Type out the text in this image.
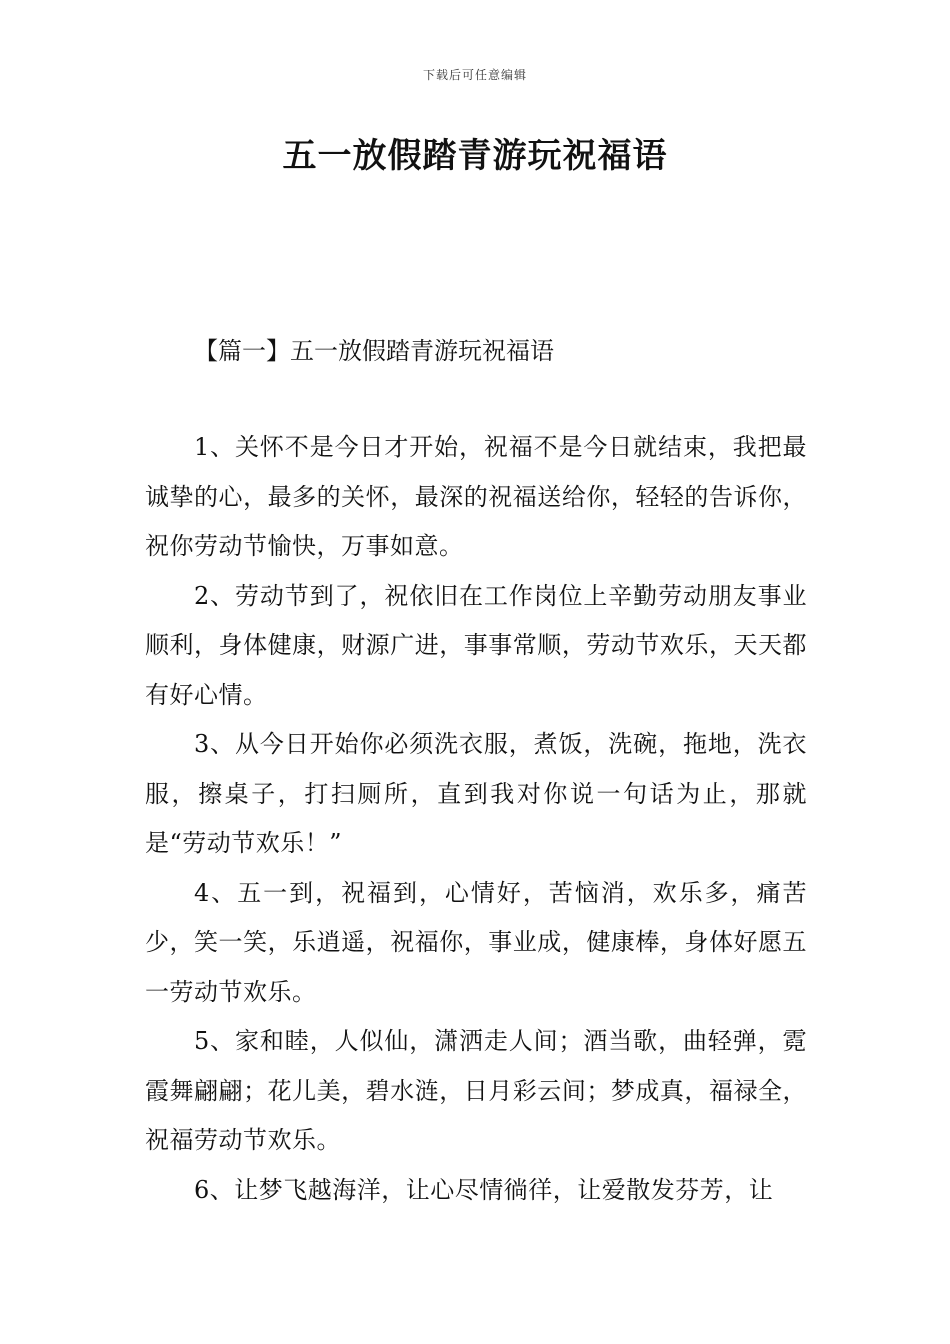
下载后可任意编辑
五一放假踏青游玩祝福语
【篇一】五一放假踏青游玩祝福语

1、关怀不是今日才开始，祝福不是今日就结束，我把最诚挚的心，最多的关怀，最深的祝福送给你，轻轻的告诉你，祝你劳动节愉快，万事如意。

2、劳动节到了，祝依旧在工作岗位上辛勤劳动朋友事业顺利，身体健康，财源广进，事事常顺，劳动节欢乐，天天都有好心情。

3、从今日开始你必须洗衣服，煮饭，洗碗，拖地，洗衣服，擦桌子，打扫厕所，直到我对你说一句话为止，那就是“劳动节欢乐！”

4、五一到，祝福到，心情好，苦恼消，欢乐多，痛苦少，笑一笑，乐逍遥，祝福你，事业成，健康棒，身体好愿五一劳动节欢乐。

5、家和睦，人似仙，潇洒走人间；酒当歌，曲轻弹，霓霞舞翩翩；花儿美，碧水涟，日月彩云间；梦成真，福禄全，祝福劳动节欢乐。

6、让梦飞越海洋，让心尽情徜徉，让爱散发芬芳，让
